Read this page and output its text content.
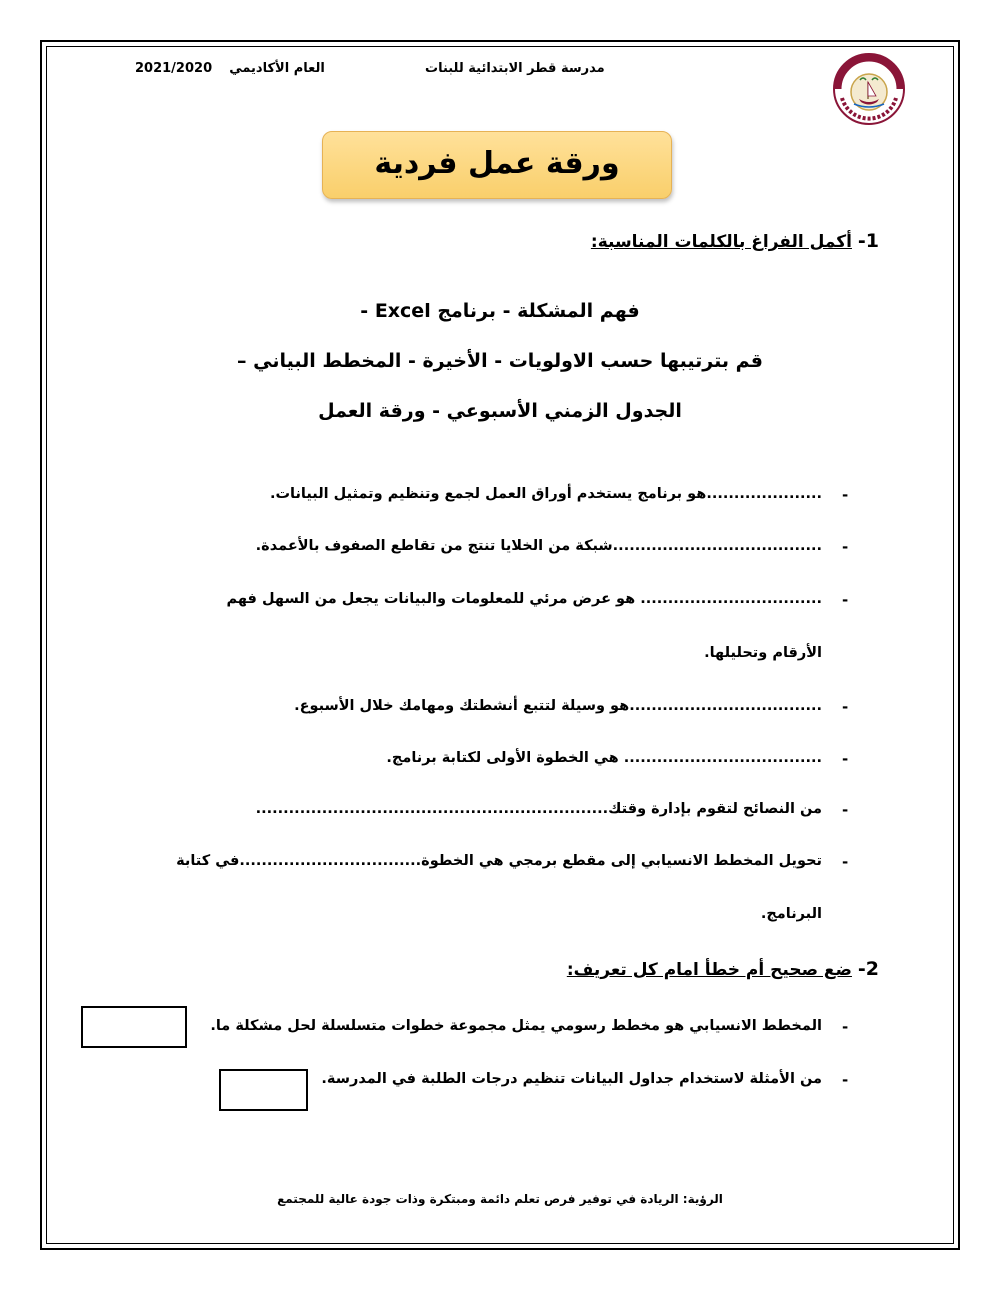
2021/2020 العام الأكاديمي	مدرسة قطر الابتدائية للبنات
ورقة عمل فردية
1- أكمل الفراغ بالكلمات المناسبة:
فهم المشكلة - برنامج Excel -
قم بترتيبها حسب الاولويات - الأخيرة - المخطط البياني –
الجدول الزمني الأسبوعي - ورقة العمل
-
.....................هو برنامج يستخدم أوراق العمل لجمع وتنظيم وتمثيل البيانات.
-
......................................شبكة من الخلايا تنتج من تقاطع الصفوف بالأعمدة.
-
................................. هو عرض مرئي للمعلومات والبيانات يجعل من السهل فهم
الأرقام وتحليلها.
-
...................................هو وسيلة لتتبع أنشطتك ومهامك خلال الأسبوع.
-
.................................... هي الخطوة الأولى لكتابة برنامج.
-
من النصائح لتقوم بإدارة وقتك................................................................
-
تحويل المخطط الانسيابي إلى مقطع برمجي هي الخطوة.................................في كتابة
البرنامج.
2- ضع صحيح أم خطأ امام كل تعريف:
-
المخطط الانسيابي هو مخطط رسومي يمثل مجموعة خطوات متسلسلة لحل مشكلة ما.
-
من الأمثلة لاستخدام جداول البيانات تنظيم درجات الطلبة في المدرسة.
الرؤية: الريادة في توفير فرص تعلم دائمة ومبتكرة وذات جودة عالية للمجتمع
